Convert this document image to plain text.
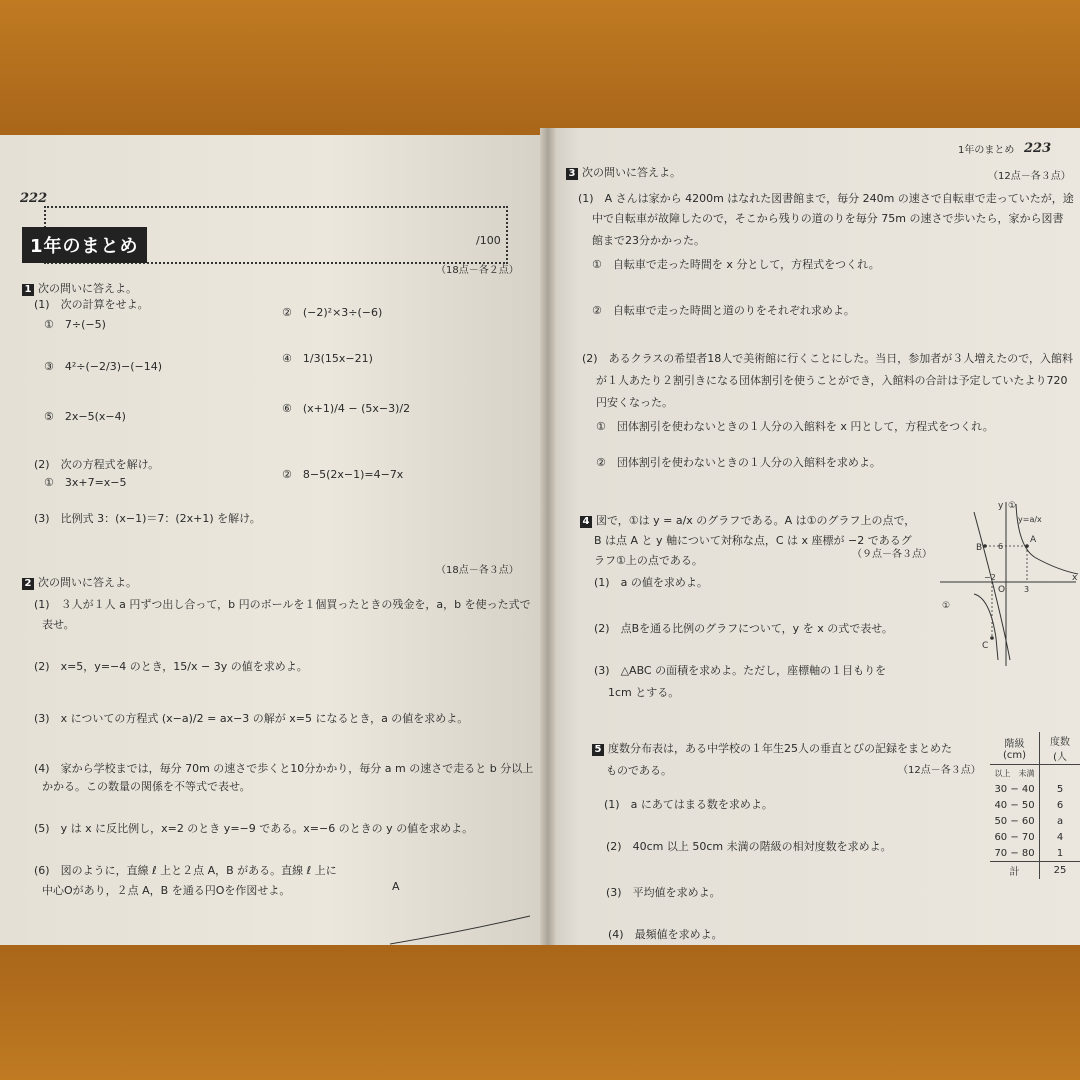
222
1年のまとめ	/100
（18点－各２点）
1 次の問いに答えよ。
(1)　次の計算をせよ。
①　7÷(−5)
②　(−2)²×3÷(−6)
③　4²÷(−2/3)−(−14)
④　1/3(15x−21)
⑤　2x−5(x−4)
⑥　(x+1)/4 − (5x−3)/2
(2)　次の方程式を解け。
①　3x+7=x−5
②　8−5(2x−1)=4−7x
(3)　比例式 3：(x−1)＝7：(2x+1) を解け。
（18点－各３点）
2 次の問いに答えよ。
(1)　３人が１人 a 円ずつ出し合って，b 円のボールを１個買ったときの残金を，a，b を使った式で
表せ。
(2)　x=5，y=−4 のとき，15/x − 3y の値を求めよ。
(3)　x についての方程式 (x−a)/2 = ax−3 の解が x=5 になるとき，a の値を求めよ。
(4)　家から学校までは，毎分 70m の速さで歩くと10分かかり，毎分 a m の速さで走ると b 分以上
かかる。この数量の関係を不等式で表せ。
(5)　y は x に反比例し，x=2 のとき y=−9 である。x=−6 のときの y の値を求めよ。
(6)　図のように，直線 ℓ 上と２点 A，B がある。直線 ℓ 上に
中心Oがあり，２点 A，B を通る円Oを作図せよ。	A
1年のまとめ 223
3 次の問いに答えよ。	（12点－各３点）
(1)　A さんは家から 4200m はなれた図書館まで，毎分 240m の速さで自転車で走っていたが，途
中で自転車が故障したので，そこから残りの道のりを毎分 75m の速さで歩いたら，家から図書
館まで23分かかった。
①　自転車で走った時間を x 分として，方程式をつくれ。
②　自転車で走った時間と道のりをそれぞれ求めよ。
(2)　あるクラスの希望者18人で美術館に行くことにした。当日，参加者が３人増えたので，入館料
が１人あたり２割引きになる団体割引を使うことができ，入館料の合計は予定していたより720
円安くなった。
①　団体割引を使わないときの１人分の入館料を x 円として，方程式をつくれ。
②　団体割引を使わないときの１人分の入館料を求めよ。
4 図で，①は y = a/x のグラフである。A は①のグラフ上の点で，
B は点 A と y 軸について対称な点，C は x 座標が −2 であるグ
ラフ①上の点である。	（９点－各３点）
(1)　a の値を求めよ。
(2)　点Bを通る比例のグラフについて，y を x の式で表せ。
(3)　△ABC の面積を求めよ。ただし，座標軸の１目もりを
1cm とする。
y ①
y=a/x
x
B
A
C
O
6
−2
3
①
5 度数分布表は，ある中学校の１年生25人の垂直とびの記録をまとめた
ものである。	（12点－各３点）
(1)　a にあてはまる数を求めよ。
(2)　40cm 以上 50cm 未満の階級の相対度数を求めよ。
(3)　平均値を求めよ。
(4)　最頻値を求めよ。
階級(cm)	度数(人
以上　未満	
30 − 40	5
40 − 50	6
50 − 60	a
60 − 70	4
70 − 80	1
計	25
